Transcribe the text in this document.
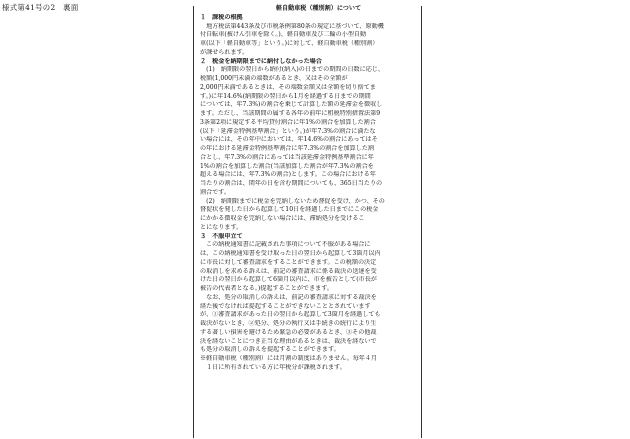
様式第41号の2　裏面	軽自動車税（種別割）について
１　課税の根拠
　地方税法第443条及び市税条例第80条の規定に基づいて、原動機
付自転車(被けん引車を除く。)、軽自動車及び二輪の小型自動
車(以下「軽自動車等」という。)に対して、軽自動車税（種別割）
が課せられます。
２　税金を納期限までに納付しなかった場合
　(1)　納期限の翌日から納付(納入)の日までの期間の日数に応じ、
税額(1,000円未満の端数があるとき、又はその全額が
2,000円未満であるときは、その端数金額又は全額を切り捨てま
す。)に年14.6%(納期限の翌日から1月を経過する日までの期間
については、年7.3%)の割合を乗じて計算した額の延滞金を徴収し
ます。ただし、当該期間の属する各年の前年に租税特別措置法第9
3条第2項に規定する平均貸付割合に年1%の割合を加算した割合
(以下「延滞金特例基準割合」という。)が年7.3%の割合に満たな
い場合には、その年中においては、年14.6%の割合にあってはそ
の年における延滞金特例基準割合に年7.3%の割合を加算した割
合とし、年7.3%の割合にあっては当該延滞金特例基準割合に年
1%の割合を加算した割合(当該加算した割合が年7.3%の割合を
超える場合には、年7.3%の割合)とします。この場合における年
当たりの割合は、閏年の日を含む期間についても、365日当たりの
割合です。
　(2)　納期限までに税金を完納しないため督促を受け、かつ、その
督促状を発した日から起算して10日を経過した日までにこの税金
にかかる徴収金を完納しない場合には、滞納処分を受けるこ
とになります。
３　不服申立て
　この納税通知書に記載された事項について不服がある場合に
は、この納税通知書を受け取った日の翌日から起算して3箇月以内
に市長に対して審査請求をすることができます。この税額の決定
の取消しを求める訴えは、前記の審査請求に係る裁決の送達を受
けた日の翌日から起算して6箇月以内に、市を被告として(市長が
被告の代表者となる。)提起することができます。
　なお、処分の取消しの訴えは、前記の審査請求に対する裁決を
経た後でなければ提起することができないこととされています
が、①審査請求があった日の翌日から起算して3箇月を経過しても
裁決がないとき、②処分、処分の執行又は手続きの続行により生
ずる著しい損害を避けるため緊急の必要があるとき、③その他裁
決を経ないことにつき正当な理由があるときは、裁決を経ないで
も処分の取消しの訴えを提起することができます。
※軽自動車税（種別割）には月割の制度はありません。毎年４月
　１日に所有されている方に年税分が課税されます。
